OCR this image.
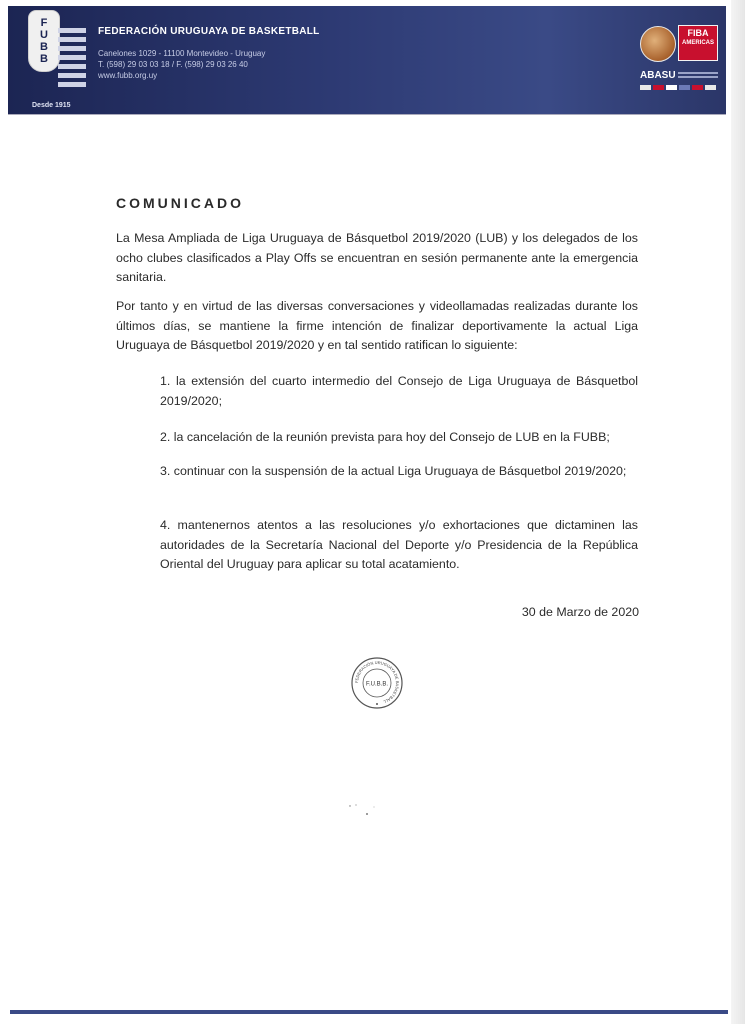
F
U
B
B
Desde 1915
FEDERACIÓN URUGUAYA DE BASKETBALL
Canelones 1029 - 11100 Montevideo - Uruguay
T. (598) 29 03 03 18 / F. (598) 29 03 26 40
www.fubb.org.uy
FIBA
AMERICAS
ABASU
COMUNICADO
La Mesa Ampliada de Liga Uruguaya de Básquetbol 2019/2020 (LUB) y los delegados de los ocho clubes clasificados a Play Offs se encuentran en sesión permanente ante la emergencia sanitaria.
Por tanto y en virtud de las diversas conversaciones y videollamadas realizadas durante los últimos días, se mantiene la firme intención de finalizar deportivamente la actual Liga Uruguaya de Básquetbol 2019/2020 y en tal sentido ratifican lo siguiente:
1. la extensión del cuarto intermedio del Consejo de Liga Uruguaya de Básquetbol 2019/2020;
2. la cancelación de la reunión prevista para hoy del Consejo de LUB en la FUBB;
3. continuar con la suspensión de la actual Liga Uruguaya de Básquetbol 2019/2020;
4. mantenernos atentos a las resoluciones y/o exhortaciones que dictaminen las autoridades de la Secretaría Nacional del Deporte y/o Presidencia de la República Oriental del Uruguay para aplicar su total acatamiento.
30 de Marzo de 2020
FEDERACIÓN URUGUAYA DE BASKETBALL
F.U.B.B.
